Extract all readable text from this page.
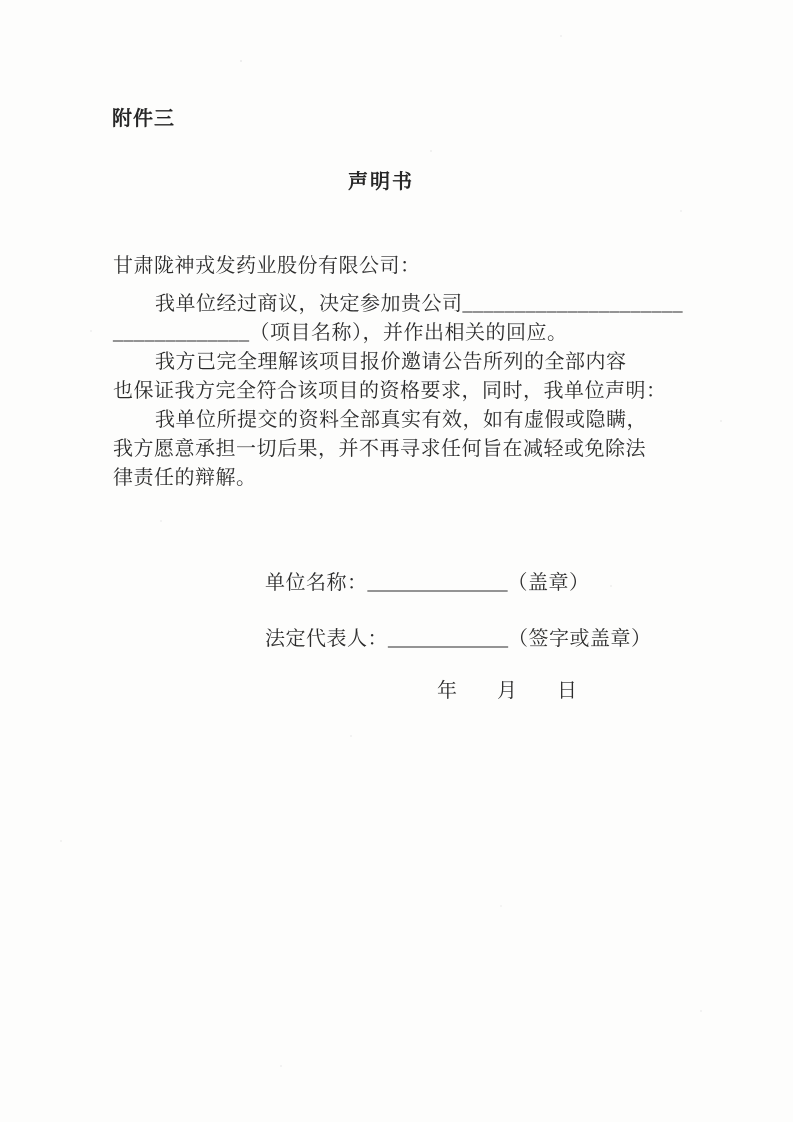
附件三
声明书
甘肃陇神戎发药业股份有限公司：
我单位经过商议，决定参加贵公司_____________________
_____________（项目名称），并作出相关的回应。
我方已完全理解该项目报价邀请公告所列的全部内容
也保证我方完全符合该项目的资格要求，同时，我单位声明：
我单位所提交的资料全部真实有效，如有虚假或隐瞒，
我方愿意承担一切后果，并不再寻求任何旨在减轻或免除法
律责任的辩解。
单位名称：______________（盖章）
法定代表人：____________（签字或盖章）
年　　月　　日
